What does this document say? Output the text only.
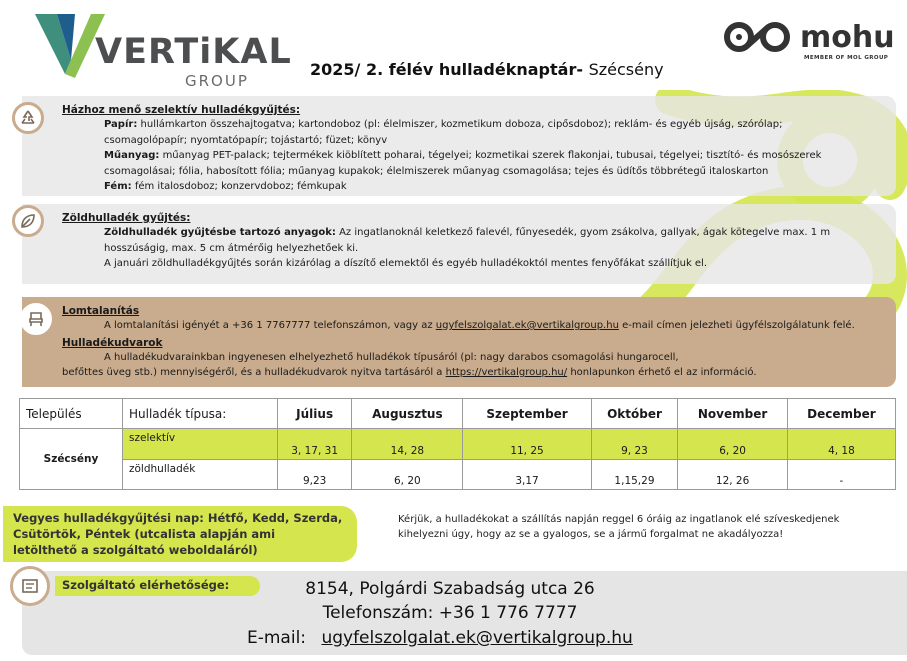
VERTiKAL
GROUP
2025/ 2. félév hulladéknaptár- Szécsény
mohu
MEMBER OF MOL GROUP
Házhoz menő szelektív hulladékgyűjtés:
Papír: hullámkarton összehajtogatva; kartondoboz (pl: élelmiszer, kozmetikum doboza, cipősdoboz); reklám- és egyéb újság, szórólap;
csomagolópapír; nyomtatópapír; tojástartó; füzet; könyv
Műanyag: műanyag PET-palack; tejtermékek kiöblített poharai, tégelyei; kozmetikai szerek flakonjai, tubusai, tégelyei; tisztító- és mosószerek
csomagolásai; fólia, habosított fólia; műanyag kupakok; élelmiszerek műanyag csomagolása; tejes és üdítős többrétegű italoskarton
Fém: fém italosdoboz; konzervdoboz; fémkupak
Zöldhulladék gyűjtés:
Zöldhulladék gyűjtésbe tartozó anyagok: Az ingatlanoknál keletkező falevél, fűnyesedék, gyom zsákolva, gallyak, ágak kötegelve max. 1 m
hosszúságig, max. 5 cm átmérőig helyezhetőek ki.
A januári zöldhulladékgyűjtés során kizárólag a díszítő elemektől és egyéb hulladékoktól mentes fenyőfákat szállítjuk el.
Lomtalanítás
A lomtalanítási igényét a +36 1 7767777 telefonszámon, vagy az ugyfelszolgalat.ek@vertikalgroup.hu e-mail címen jelezheti ügyfélszolgálatunk felé.
Hulladékudvarok
A hulladékudvarainkban ingyenesen elhelyezhető hulladékok típusáról (pl: nagy darabos csomagolási hungarocell,
befőttes üveg stb.) mennyiségéről, és a hulladékudvarok nyitva tartásáról a https://vertikalgroup.hu/ honlapunkon érhető el az információ.
Település	Hulladék típusa:	Július	Augusztus	Szeptember	Október	November	December
Szécsény	szelektív	3, 17, 31	14, 28	11, 25	9, 23	6, 20	4, 18
	zöldhulladék	9,23	6, 20	3,17	1,15,29	12, 26	-
Vegyes hulladékgyűjtési nap: Hétfő, Kedd, Szerda,
Csütörtök, Péntek (utcalista alapján ami
letölthető a szolgáltató weboldaláról)
Kérjük, a hulladékokat a szállítás napján reggel 6 óráig az ingatlanok elé szíveskedjenek
kihelyezni úgy, hogy az se a gyalogos, se a jármű forgalmat ne akadályozza!
Szolgáltató elérhetősége:	8154, Polgárdi Szabadság utca 26
Telefonszám: +36 1 776 7777
E-mail: ugyfelszolgalat.ek@vertikalgroup.hu
